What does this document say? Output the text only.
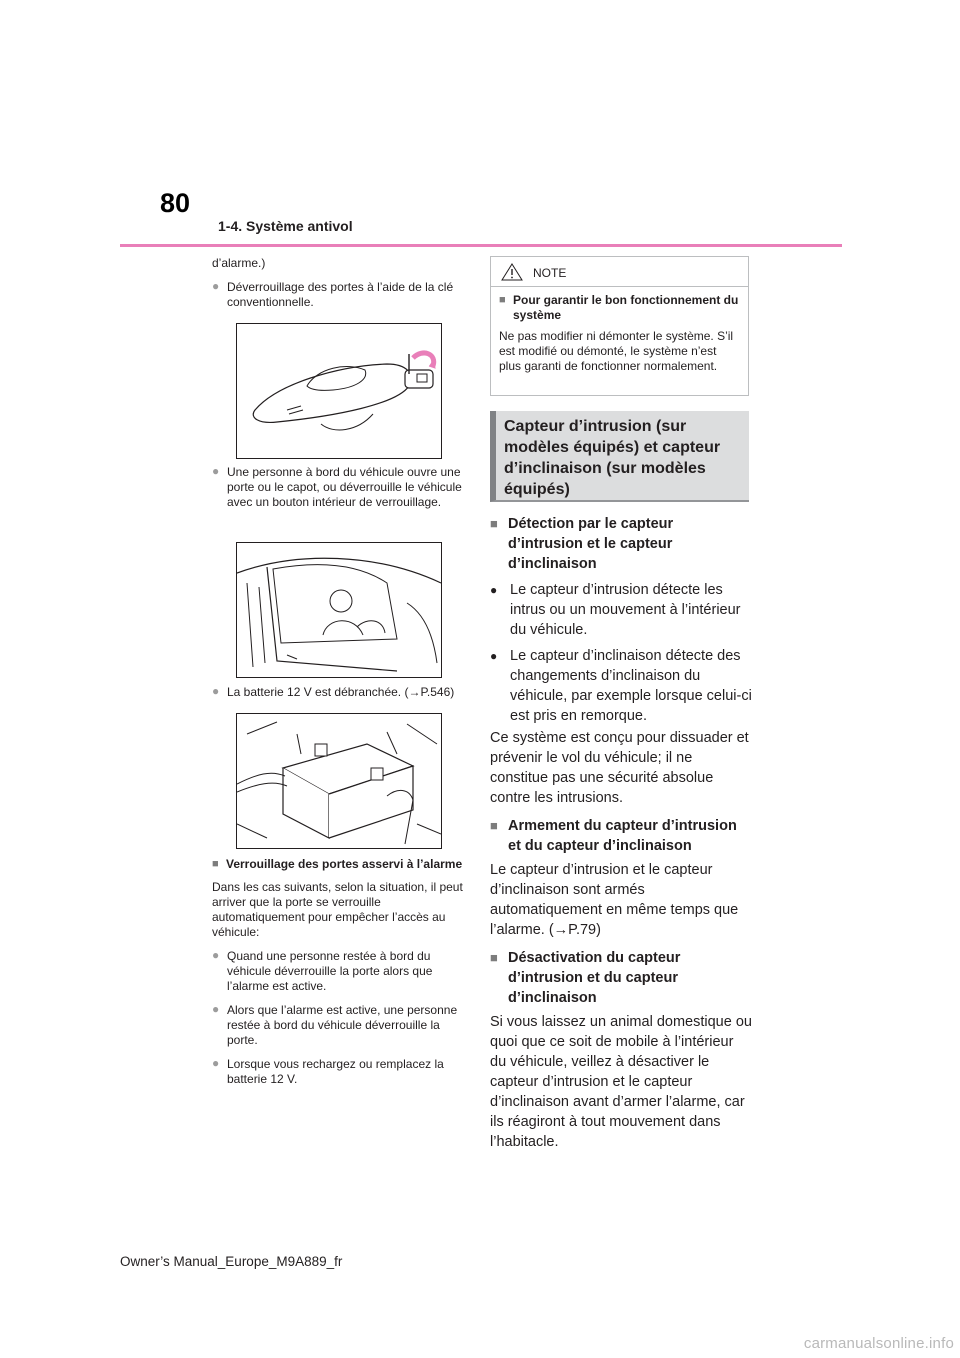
80
1-4. Système antivol

d’alarme.)

● Déverrouillage des portes à l’aide de la clé conventionnelle.

● Une personne à bord du véhicule ouvre une porte ou le capot, ou déverrouille le véhicule avec un bouton intérieur de verrouillage.

● La batterie 12 V est débranchée. (→P.546)

■ Verrouillage des portes asservi à l’alarme

Dans les cas suivants, selon la situation, il peut arriver que la porte se verrouille automatiquement pour empêcher l’accès au véhicule:

● Quand une personne restée à bord du véhicule déverrouille la porte alors que l’alarme est active.

● Alors que l’alarme est active, une personne restée à bord du véhicule déverrouille la porte.

● Lorsque vous rechargez ou remplacez la batterie 12 V.

NOTE

■ Pour garantir le bon fonctionnement du système

Ne pas modifier ni démonter le système. S’il est modifié ou démonté, le système n’est plus garanti de fonctionner normalement.

Capteur d’intrusion (sur modèles équipés) et capteur d’inclinaison (sur modèles équipés)

■ Détection par le capteur d’intrusion et le capteur d’inclinaison

● Le capteur d’intrusion détecte les intrus ou un mouvement à l’intérieur du véhicule.

● Le capteur d’inclinaison détecte des changements d’inclinaison du véhicule, par exemple lorsque celui-ci est pris en remorque.

Ce système est conçu pour dissuader et prévenir le vol du véhicule; il ne constitue pas une sécurité absolue contre les intrusions.

■ Armement du capteur d’intrusion et du capteur d’inclinaison

Le capteur d’intrusion et le capteur d’inclinaison sont armés automatiquement en même temps que l’alarme. (→P.79)

■ Désactivation du capteur d’intrusion et du capteur d’inclinaison

Si vous laissez un animal domestique ou quoi que ce soit de mobile à l’intérieur du véhicule, veillez à désactiver le capteur d’intrusion et le capteur d’inclinaison avant d’armer l’alarme, car ils réagiront à tout mouvement dans l’habitacle.

Owner’s Manual_Europe_M9A889_fr
carmanualsonline.info
